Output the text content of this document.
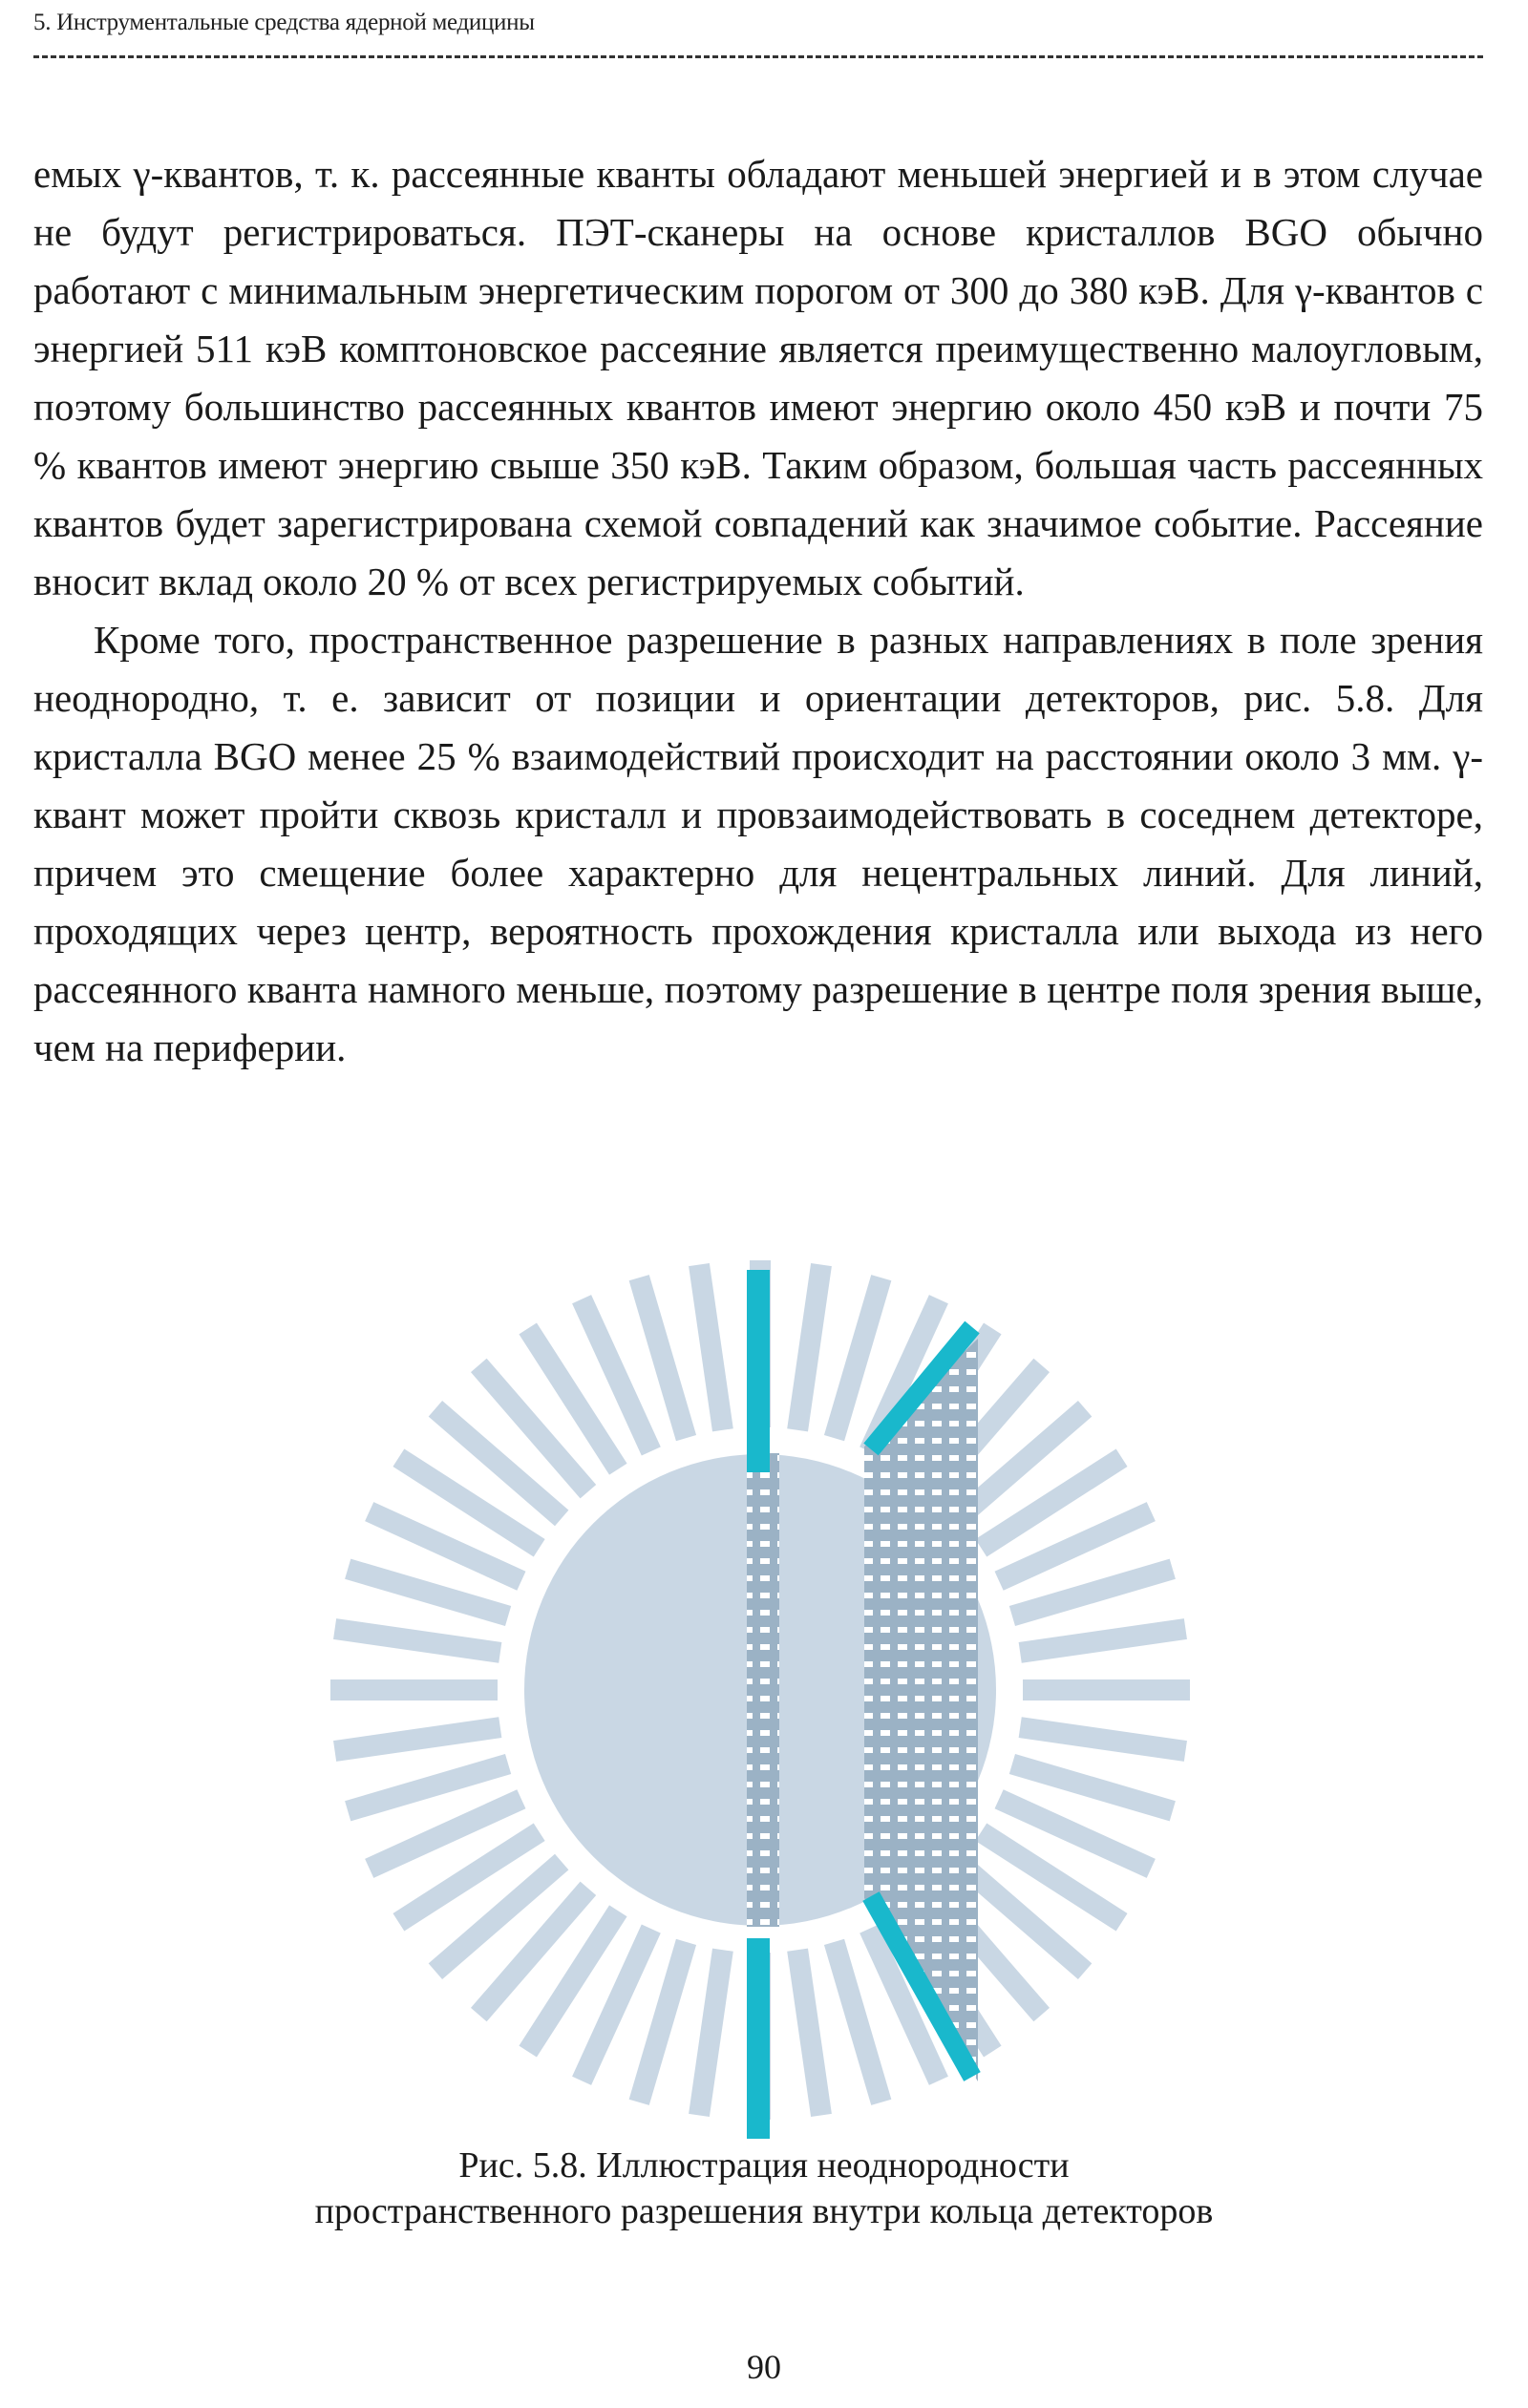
5. Инструментальные средства ядерной медицины

емых γ-квантов, т. к. рассеянные кванты обладают меньшей энергией и в этом случае не будут регистрироваться. ПЭТ-сканеры на основе кристаллов BGO обычно работают с минимальным энергетическим порогом от 300 до 380 кэВ. Для γ-квантов с энергией 511 кэВ комптоновское рассеяние является преимущественно малоугловым, поэтому большинство рассеянных квантов имеют энергию около 450 кэВ и почти 75 % квантов имеют энергию свыше 350 кэВ. Таким образом, большая часть рассеянных квантов будет зарегистрирована схемой совпадений как значимое событие. Рассеяние вносит вклад около 20 % от всех регистрируемых событий.

Кроме того, пространственное разрешение в разных направлениях в поле зрения неоднородно, т. е. зависит от позиции и ориентации детекторов, рис. 5.8. Для кристалла BGO менее 25 % взаимодействий происходит на расстоянии около 3 мм. γ-квант может пройти сквозь кристалл и провзаимодействовать в соседнем детекторе, причем это смещение более характерно для нецентральных линий. Для линий, проходящих через центр, вероятность прохождения кристалла или выхода из него рассеянного кванта намного меньше, поэтому разрешение в центре поля зрения выше, чем на периферии.

Рис. 5.8. Иллюстрация неоднородности
пространственного разрешения внутри кольца детекторов
90
